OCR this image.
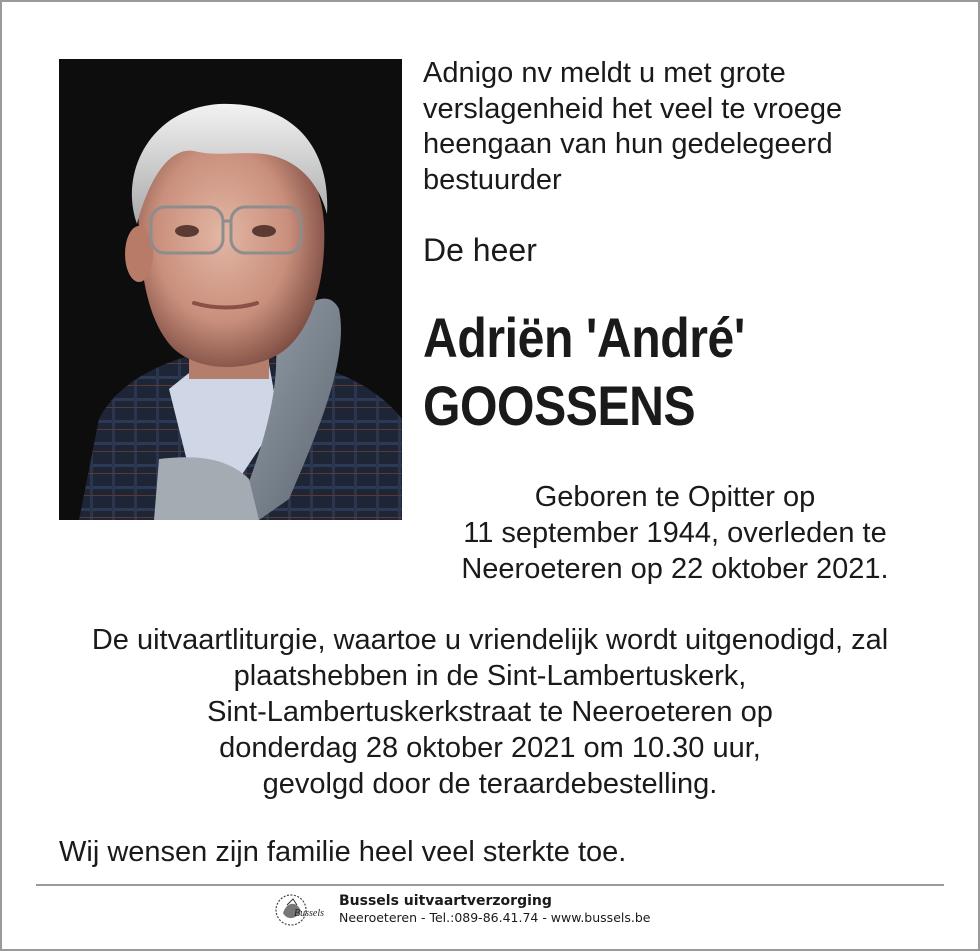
Adnigo nv meldt u met grote
verslagenheid het veel te vroege
heengaan van hun gedelegeerd
bestuurder
De heer
Adriën 'André'
GOOSSENS
Geboren te Opitter op
11 september 1944, overleden te
Neeroeteren op 22 oktober 2021.
De uitvaartliturgie, waartoe u vriendelijk wordt uitgenodigd, zal
plaatshebben in de Sint-Lambertuskerk,
Sint-Lambertuskerkstraat te Neeroeteren op
donderdag 28 oktober 2021 om 10.30 uur,
gevolgd door de teraardebestelling.
Wij wensen zijn familie heel veel sterkte toe.
Bussels
Bussels uitvaartverzorging
Neeroeteren - Tel.:089-86.41.74 - www.bussels.be
